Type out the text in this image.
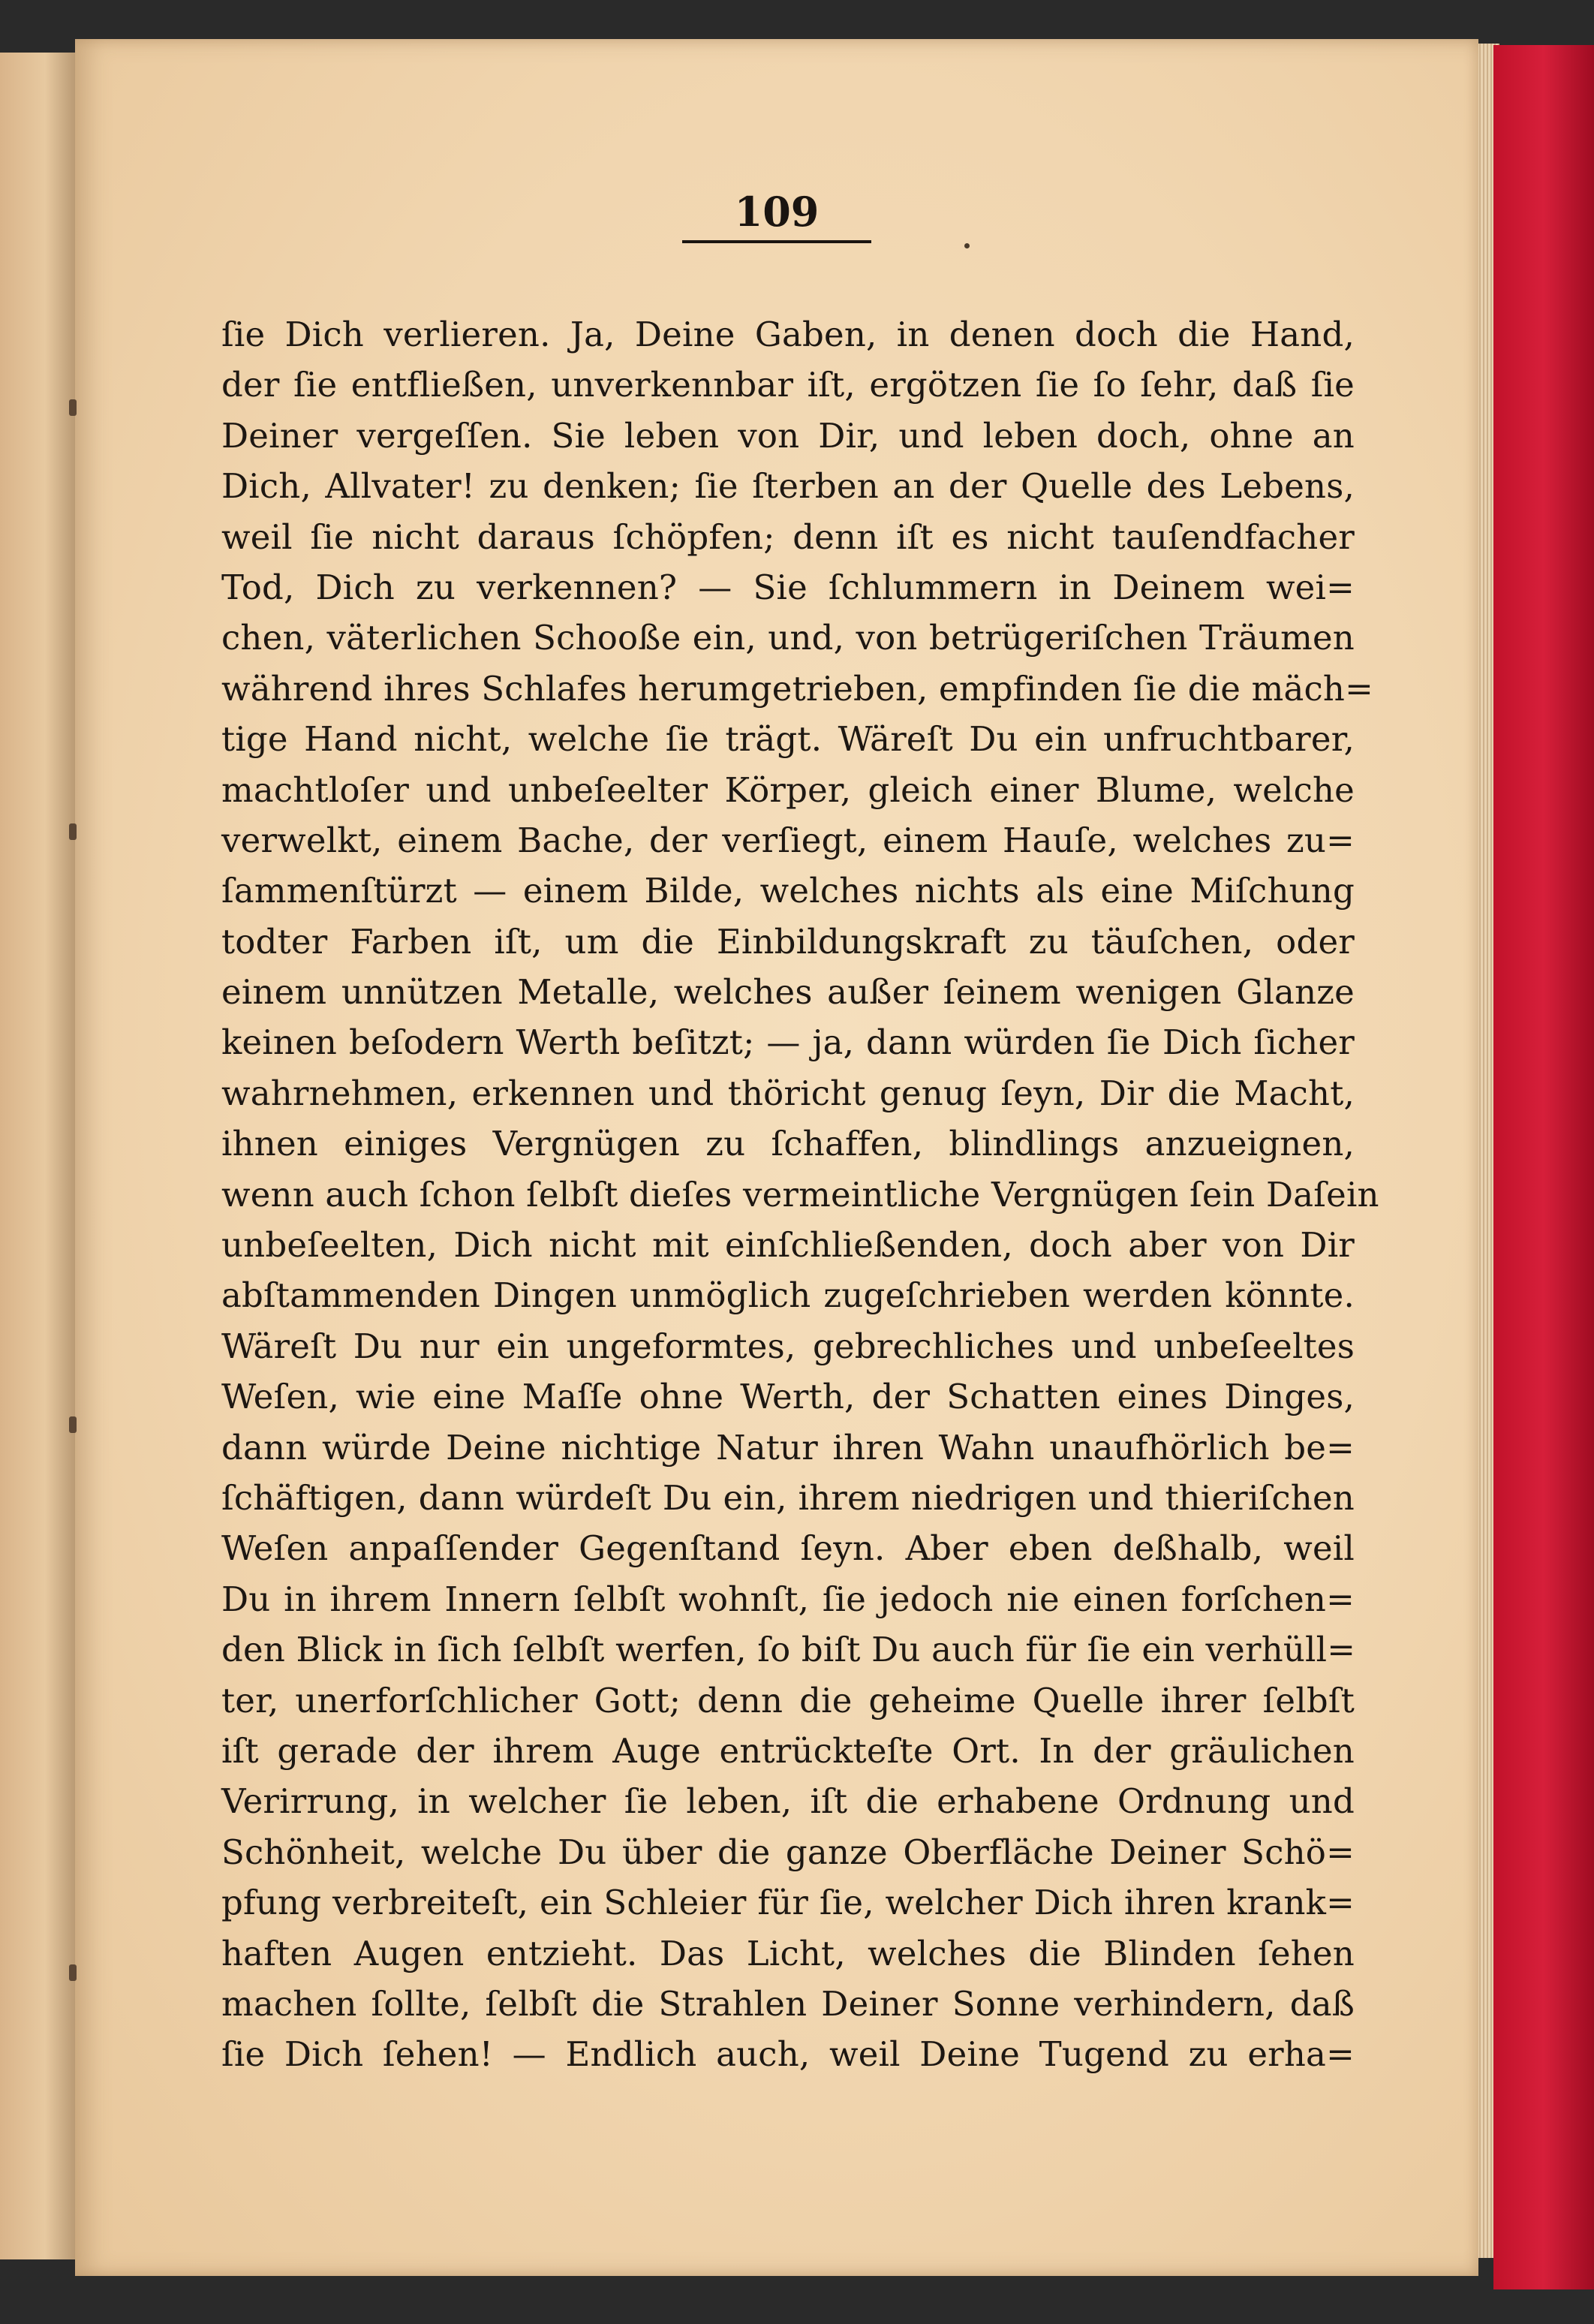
109
ſie Dich verlieren. Ja, Deine Gaben, in denen doch die Hand,
der ſie entfließen, unverkennbar iſt, ergötzen ſie ſo ſehr, daß ſie
Deiner vergeſſen. Sie leben von Dir, und leben doch, ohne an
Dich, Allvater! zu denken; ſie ſterben an der Quelle des Lebens,
weil ſie nicht daraus ſchöpfen; denn iſt es nicht tauſendfacher
Tod, Dich zu verkennen? — Sie ſchlummern in Deinem wei=
chen, väterlichen Schooße ein, und, von betrügeriſchen Träumen
während ihres Schlafes herumgetrieben, empfinden ſie die mäch=
tige Hand nicht, welche ſie trägt. Wäreſt Du ein unfruchtbarer,
machtloſer und unbeſeelter Körper, gleich einer Blume, welche
verwelkt, einem Bache, der verſiegt, einem Hauſe, welches zu=
ſammenſtürzt — einem Bilde, welches nichts als eine Miſchung
todter Farben iſt, um die Einbildungskraft zu täuſchen, oder
einem unnützen Metalle, welches außer ſeinem wenigen Glanze
keinen beſodern Werth beſitzt; — ja, dann würden ſie Dich ſicher
wahrnehmen, erkennen und thöricht genug ſeyn, Dir die Macht,
ihnen einiges Vergnügen zu ſchaffen, blindlings anzueignen,
wenn auch ſchon ſelbſt dieſes vermeintliche Vergnügen ſein Daſein
unbeſeelten, Dich nicht mit einſchließenden, doch aber von Dir
abſtammenden Dingen unmöglich zugeſchrieben werden könnte.
Wäreſt Du nur ein ungeformtes, gebrechliches und unbeſeeltes
Weſen, wie eine Maſſe ohne Werth, der Schatten eines Dinges,
dann würde Deine nichtige Natur ihren Wahn unaufhörlich be=
ſchäftigen, dann würdeſt Du ein, ihrem niedrigen und thieriſchen
Weſen anpaſſender Gegenſtand ſeyn. Aber eben deßhalb, weil
Du in ihrem Innern ſelbſt wohnſt, ſie jedoch nie einen forſchen=
den Blick in ſich ſelbſt werfen, ſo biſt Du auch für ſie ein verhüll=
ter, unerforſchlicher Gott; denn die geheime Quelle ihrer ſelbſt
iſt gerade der ihrem Auge entrückteſte Ort. In der gräulichen
Verirrung, in welcher ſie leben, iſt die erhabene Ordnung und
Schönheit, welche Du über die ganze Oberfläche Deiner Schö=
pfung verbreiteſt, ein Schleier für ſie, welcher Dich ihren krank=
haften Augen entzieht. Das Licht, welches die Blinden ſehen
machen ſollte, ſelbſt die Strahlen Deiner Sonne verhindern, daß
ſie Dich ſehen! — Endlich auch, weil Deine Tugend zu erha=
